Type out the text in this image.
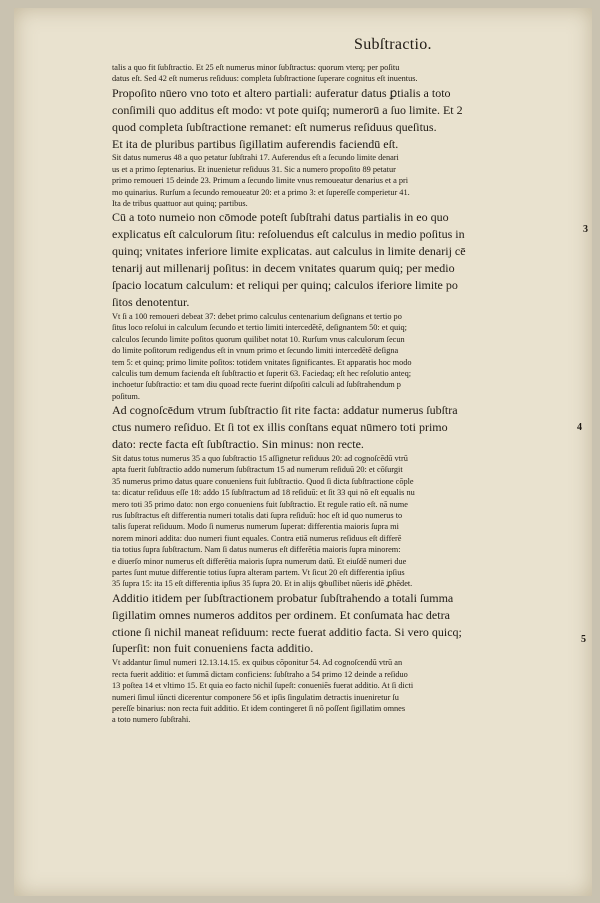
Subſtractio.
talis a quo fit ſubſtractio. Et 25 eſt numerus minor ſubſtractus: quorum vterq; per poſitu
datus eſt. Sed 42 eſt numerus reſiduus: completa ſubſtractione ſuperare cognitus eſt inuentus.
Propoſito nūero vno toto et altero partiali: auferatur datus ꝑtialis a toto
conſimili quo additus eſt modo: vt pote quiſq; numerorū a ſuo limite. Et 2
quod completa ſubſtractione remanet: eſt numerus reſiduus queſitus.
Et ita de pluribus partibus ſigillatim auferendis faciendū eſt.
Sit datus numerus 48 a quo petatur ſubſtrahi 17. Auferendus eſt a ſecundo limite denari
us et a primo ſeptenarius. Et inuenietur reſiduus 31. Sic a numero propoſito 89 petatur
primo remoueri 15 deinde 23. Primum a ſecundo limite vnus remoueatur denarius et a pri
mo quinarius. Rurſum a ſecundo remoueatur 20: et a primo 3: et ſupereſſe comperietur 41.
Ita de tribus quattuor aut quinq; partibus.
Cū a toto numeio non cōmode poteſt ſubſtrahi datus partialis in eo quo
explicatus eſt calculorum ſitu: reſoluendus eſt calculus in medio poſitus in
quinq; vnitates inferiore limite explicatas. aut calculus in limite denarij cē
tenarij aut millenarij poſitus: in decem vnitates quarum quiq; per medio
ſpacio locatum calculum: et reliqui per quinq; calculos iferiore limite po
ſitos denotentur.
Vt ſi a 100 remoueri debeat 37: debet primo calculus centenarium deſignans et tertio po
ſitus loco reſolui in calculum ſecundo et tertio limiti intercedētē, deſignantem 50: et quiq;
calculos ſecundo limite poſitos quorum quilibet notat 10. Rurſum vnus calculorum ſecun
do limite poſitorum redigendus eſt in vnum primo et ſecundo limiti intercedētē deſigna
tem 5: et quinq; primo limite poſitos: totidem vnitates ſignificantes. Et apparatis hoc modo
calculis tum demum facienda eſt ſubſtractio et ſuperit 63. Faciedaq; eſt hec reſolutio anteq;
inchoetur ſubſtractio: et tam diu quoad recte fuerint diſpoſiti calculi ad ſubſtrahendum p
poſitum.
Ad cognoſcēdum vtrum ſubſtractio ſit rite facta: addatur numerus ſubſtra
ctus numero reſiduo. Et ſi tot ex illis conſtans equat nūmero toti primo
dato: recte facta eſt ſubſtractio. Sin minus: non recte.
Sit datus totus numerus 35 a quo ſubſtractio 15 aſſignetur reſiduus 20: ad cognoſcēdū vtrū
apta fuerit ſubſtractio addo numerum ſubſtractum 15 ad numerum reſiduū 20: et cōſurgit
35 numerus primo datus quare conueniens fuit ſubſtractio. Quod ſi dicta ſubſtractione cōple
ta: dicatur reſiduus eſſe 18: addo 15 ſubſtractum ad 18 reſiduū: et ſit 33 qui nō eſt equalis nu
mero toti 35 primo dato: non ergo conueniens fuit ſubſtractio. Et regule ratio eſt. nā nume
rus ſubſtractus eſt differentia numeri totalis dati ſupra reſiduū: hoc eſt id quo numerus to
talis ſuperat reſiduum. Modo ſi numerus numerum ſuperat: differentia maioris ſupra mi
norem minori addita: duo numeri fiunt equales. Contra etiā numerus reſiduus eſt differē
tia totius ſupra ſubſtractum. Nam ſi datus numerus eſt differētia maioris ſupra minorem:
e diuerſo minor numerus eſt differētia maioris ſupra numerum datū. Et eiuſdē numeri due
partes ſunt mutue differentie totius ſupra alteram partem. Vt ſicut 20 eſt differentia ipſius
35 ſupra 15: ita 15 eſt differentia ipſius 35 ſupra 20. Et in alijs ꝙbuſlibet nūeris idē ꝓhēdet.
Additio itidem per ſubſtractionem probatur ſubſtrahendo a totali ſumma
ſigillatim omnes numeros additos per ordinem. Et conſumata hac detra
ctione ſi nichil maneat reſiduum: recte fuerat additio facta. Si vero quicq;
ſuperſit: non fuit conueniens facta additio.
Vt addantur ſimul numeri 12.13.14.15. ex quibus cōponitur 54. Ad cognoſcendū vtrū an
recta fuerit additio: et ſummā dictam conficiens: ſubſtraho a 54 primo 12 deinde a reſiduo
13 poſtea 14 et vltimo 15. Et quia eo facto nichil ſupeſt: conueniēs fuerat additio. At ſi dicti
numeri ſimul iūncti dicerentur componere 56 et ipſis ſingulatim detractis inueniretur ſu
pereſſe binarius: non recta fuit additio. Et idem contingeret ſi nō poſſent ſigillatim omnes
a toto numero ſubſtrahi.
3
4
5
